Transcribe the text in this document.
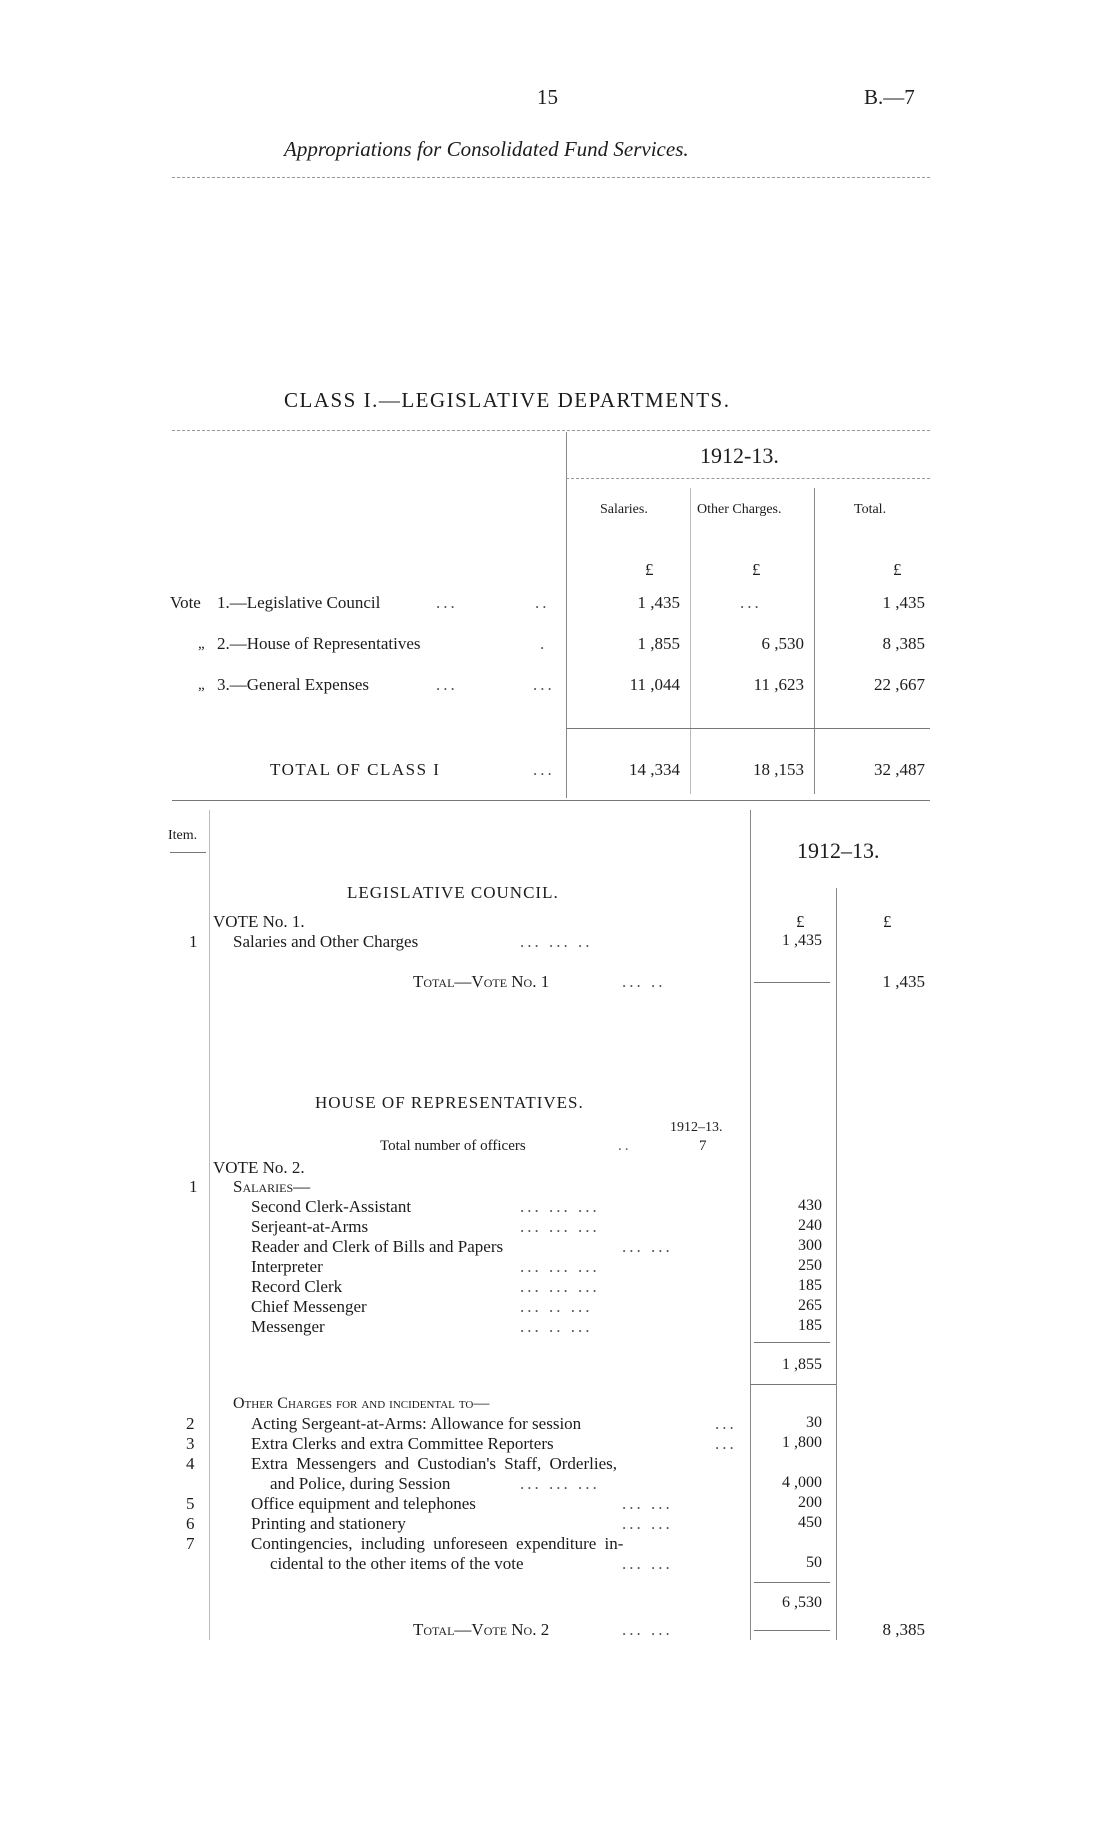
15	B.—7
Appropriations for Consolidated Fund Services.
CLASS I.—LEGISLATIVE DEPARTMENTS.
1912-13.
Salaries.	Other Charges.	Total.
£	£	£
Vote 1.—Legislative Council	...	..	1 ,435	...	1 ,435
„ 2.—House of Representatives	.	1 ,855	6 ,530	8 ,385
„ 3.—General Expenses	...	...	11 ,044	11 ,623	22 ,667
TOTAL OF CLASS I	...	14 ,334	18 ,153	32 ,487
Item.
1912–13.
LEGISLATIVE COUNCIL.
VOTE No. 1.	£	£
1 Salaries and Other Charges	... ... ..	1 ,435
Total—Vote No. 1	... ..	1 ,435
HOUSE OF REPRESENTATIVES.
1912–13.
Total number of officers	..	7
VOTE No. 2.
1 Salaries—
Second Clerk-Assistant	... ... ...	430
Serjeant-at-Arms	... ... ...	240
Reader and Clerk of Bills and Papers	... ...	300
Interpreter	... ... ...	250
Record Clerk	... ... ...	185
Chief Messenger	... .. ...	265
Messenger	... .. ...	185
1 ,855
Other Charges for and incidental to—
2	Acting Sergeant-at-Arms: Allowance for session	...	30
3	Extra Clerks and extra Committee Reporters	...	1 ,800
4	Extra Messengers and Custodian's Staff, Orderlies,
and Police, during Session	... ... ...	4 ,000
5	Office equipment and telephones	... ...	200
6	Printing and stationery	... ...	450
7	Contingencies, including unforeseen expenditure in-
cidental to the other items of the vote	... ...	50
6 ,530
Total—Vote No. 2	... ...	8 ,385
